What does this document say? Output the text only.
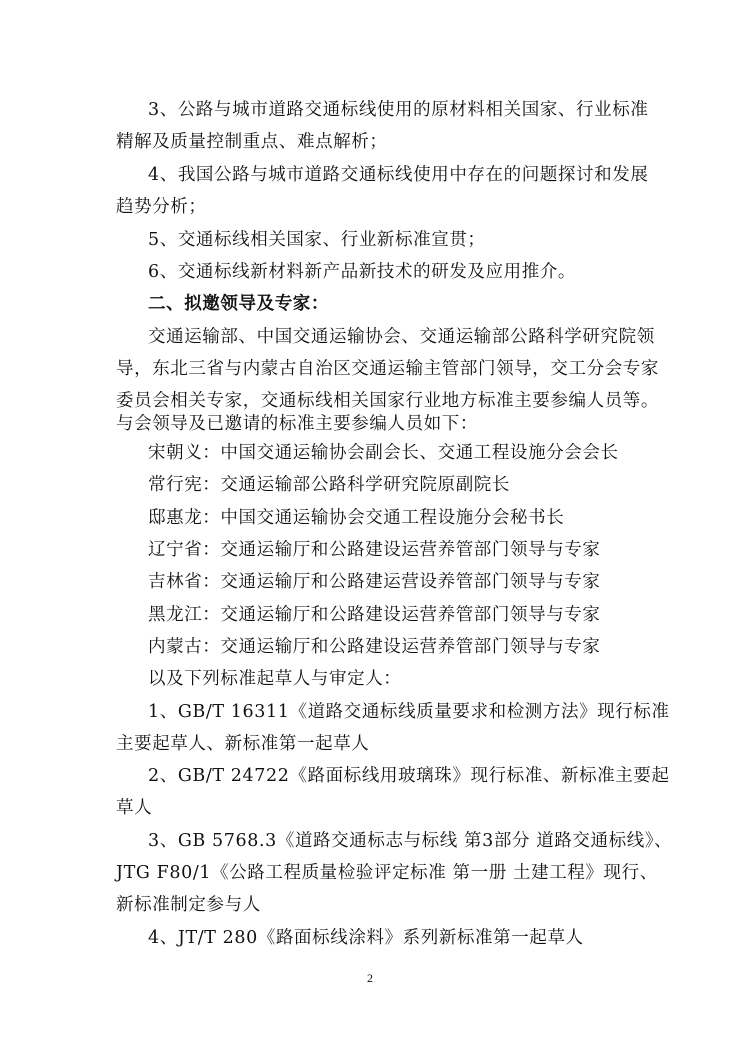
3、公路与城市道路交通标线使用的原材料相关国家、行业标准
精解及质量控制重点、难点解析；
4、我国公路与城市道路交通标线使用中存在的问题探讨和发展
趋势分析；
5、交通标线相关国家、行业新标准宣贯；
6、交通标线新材料新产品新技术的研发及应用推介。
二、拟邀领导及专家：
交通运输部、中国交通运输协会、交通运输部公路科学研究院领
导，东北三省与内蒙古自治区交通运输主管部门领导，交工分会专家
委员会相关专家，交通标线相关国家行业地方标准主要参编人员等。
与会领导及已邀请的标准主要参编人员如下：
宋朝义：中国交通运输协会副会长、交通工程设施分会会长
常行宪：交通运输部公路科学研究院原副院长
邸惠龙：中国交通运输协会交通工程设施分会秘书长
辽宁省：交通运输厅和公路建设运营养管部门领导与专家
吉林省：交通运输厅和公路建运营设养管部门领导与专家
黑龙江：交通运输厅和公路建设运营养管部门领导与专家
内蒙古：交通运输厅和公路建设运营养管部门领导与专家
以及下列标准起草人与审定人：
1、GB/T 16311《道路交通标线质量要求和检测方法》现行标准
主要起草人、新标准第一起草人
2、GB/T 24722《路面标线用玻璃珠》现行标准、新标准主要起
草人
3、GB 5768.3《道路交通标志与标线 第3部分 道路交通标线》、
JTG F80/1《公路工程质量检验评定标准 第一册 土建工程》现行、
新标准制定参与人
4、JT/T 280《路面标线涂料》系列新标准第一起草人
2
